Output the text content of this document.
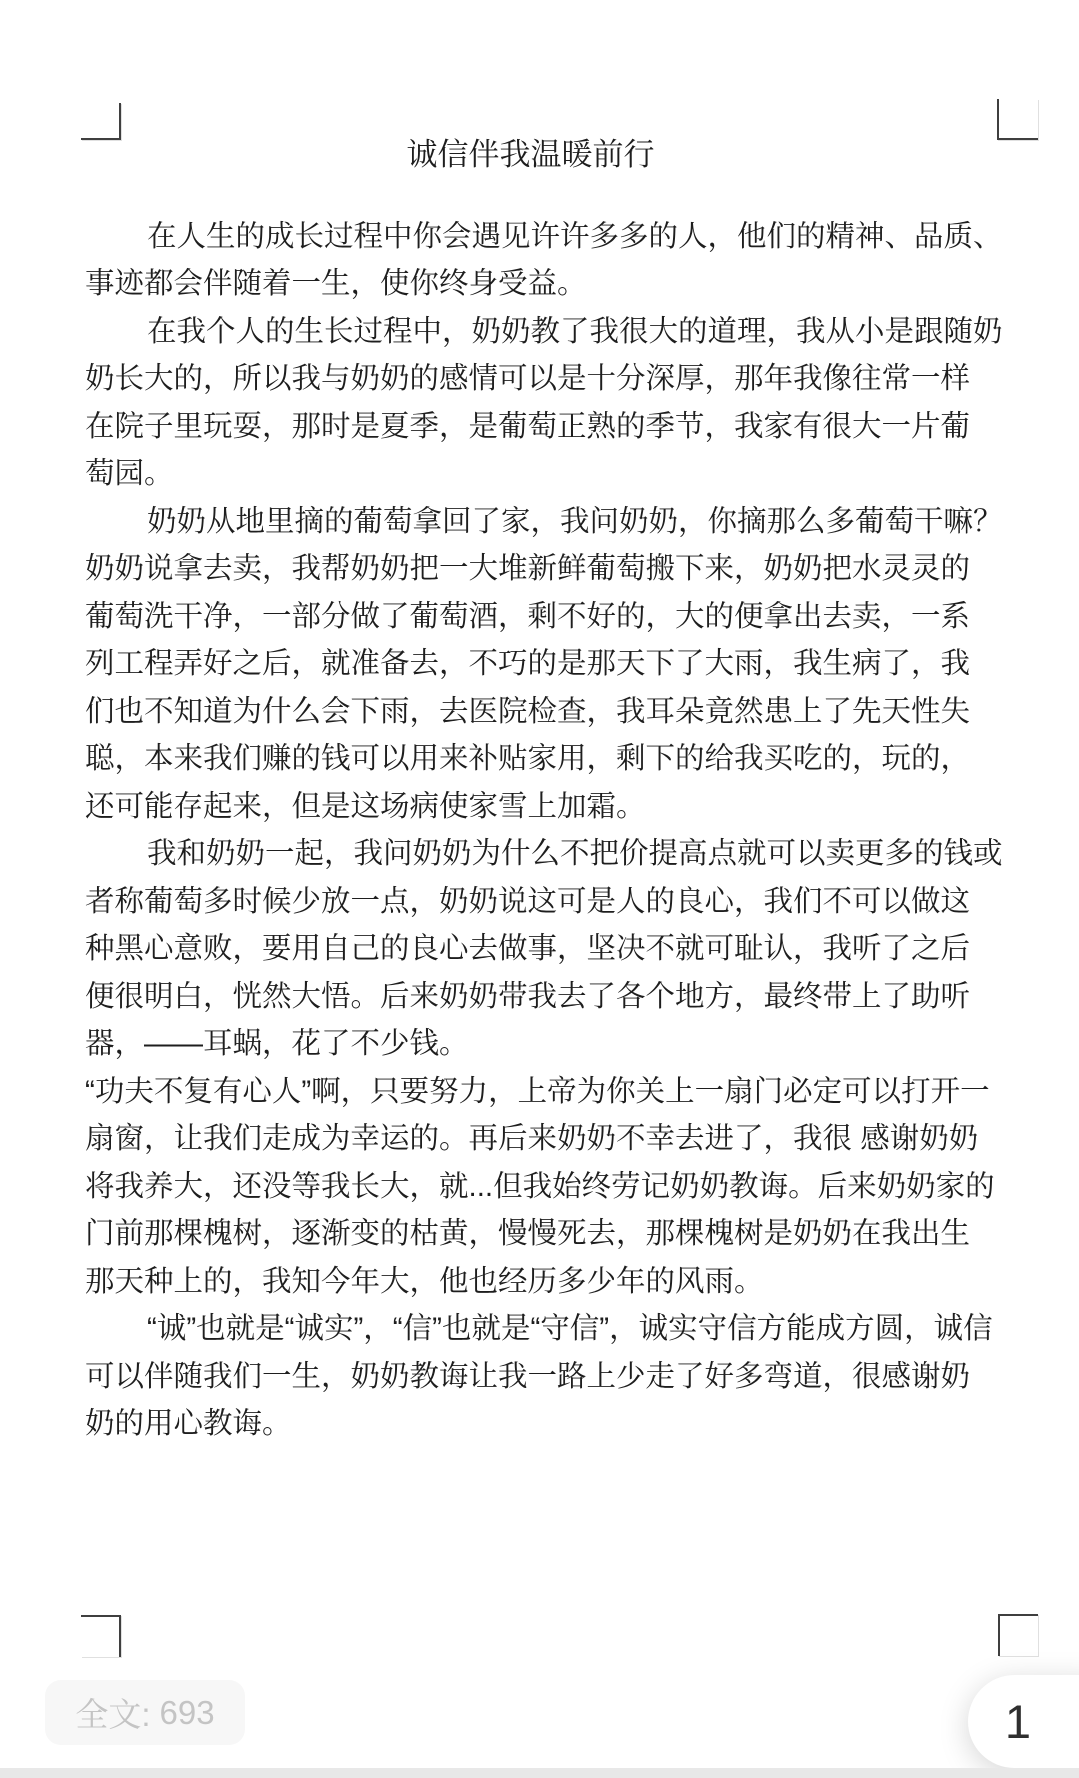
诚信伴我温暖前行
在人生的成长过程中你会遇见许许多多的人，他们的精神、品质、
事迹都会伴随着一生，使你终身受益。
在我个人的生长过程中，奶奶教了我很大的道理，我从小是跟随奶
奶长大的，所以我与奶奶的感情可以是十分深厚，那年我像往常一样
在院子里玩耍，那时是夏季，是葡萄正熟的季节，我家有很大一片葡
萄园。
奶奶从地里摘的葡萄拿回了家，我问奶奶，你摘那么多葡萄干嘛？
奶奶说拿去卖，我帮奶奶把一大堆新鲜葡萄搬下来，奶奶把水灵灵的
葡萄洗干净，一部分做了葡萄酒，剩不好的，大的便拿出去卖，一系
列工程弄好之后，就准备去，不巧的是那天下了大雨，我生病了，我
们也不知道为什么会下雨，去医院检查，我耳朵竟然患上了先天性失
聪，本来我们赚的钱可以用来补贴家用，剩下的给我买吃的，玩的，
还可能存起来，但是这场病使家雪上加霜。
我和奶奶一起，我问奶奶为什么不把价提高点就可以卖更多的钱或
者称葡萄多时候少放一点，奶奶说这可是人的良心，我们不可以做这
种黑心意败，要用自己的良心去做事，坚决不就可耻认，我听了之后
便很明白，恍然大悟。后来奶奶带我去了各个地方，最终带上了助听
器，——耳蜗，花了不少钱。
“功夫不复有心人”啊，只要努力，上帝为你关上一扇门必定可以打开一
扇窗，让我们走成为幸运的。再后来奶奶不幸去进了，我很 感谢奶奶
将我养大，还没等我长大，就...但我始终劳记奶奶教诲。后来奶奶家的
门前那棵槐树，逐渐变的枯黄，慢慢死去，那棵槐树是奶奶在我出生
那天种上的，我知今年大，他也经历多少年的风雨。
“诚”也就是“诚实”，“信”也就是“守信”，诚实守信方能成方圆，诚信
可以伴随我们一生，奶奶教诲让我一路上少走了好多弯道，很感谢奶
奶的用心教诲。
全文: 693	1
